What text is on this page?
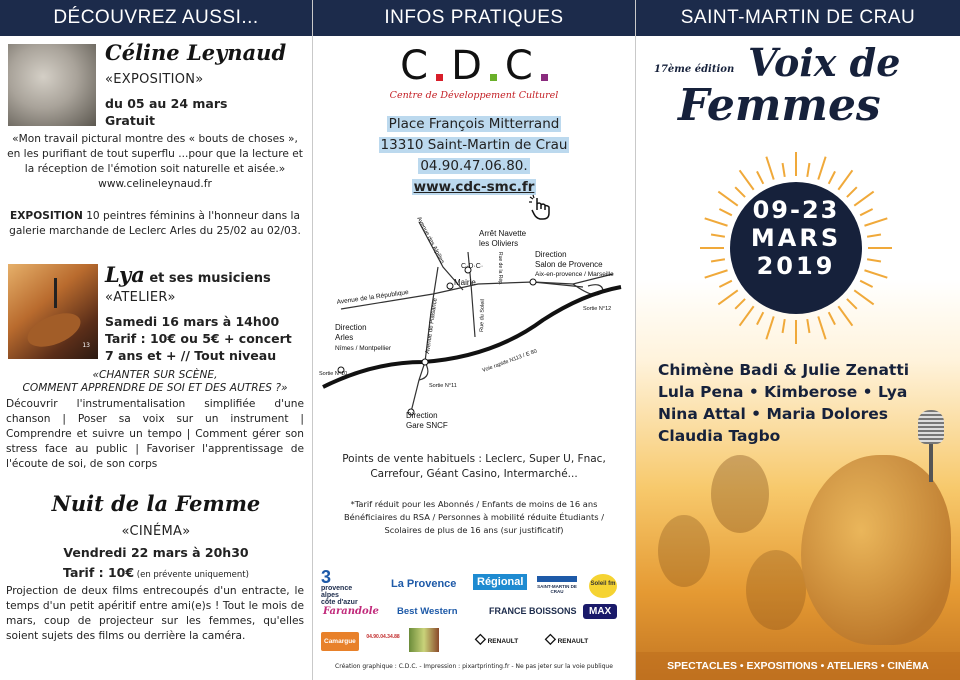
DÉCOUVREZ AUSSI...
Céline Leynaud
«EXPOSITION»
du 05 au 24 mars
Gratuit
«Mon travail pictural montre des « bouts de choses », en les purifiant de tout superflu ...pour que la lecture et la réception de l'émotion soit naturelle et aisée.»
www.celineleynaud.fr
EXPOSITION 10 peintres féminins à l'honneur dans la galerie marchande de Leclerc Arles du 25/02 au 02/03.
13
Lya et ses musiciens
«ATELIER»
Samedi 16 mars à 14h00
Tarif : 10€ ou 5€ + concert
7 ans et + // Tout niveau
«CHANTER SUR SCÈNE,
COMMENT APPRENDRE DE SOI ET DES AUTRES ?»
Découvrir l'instrumentalisation simplifiée d'une chanson | Poser sa voix sur un instrument | Comprendre et suivre un tempo | Comment gérer son stress face au public | Favoriser l'apprentissage de l'écoute de soi, de son corps
Nuit de la Femme
«CINÉMA»
Vendredi 22 mars à 20h30
Tarif : 10€ (en prévente uniquement)
Projection de deux films entrecoupés d'un entracte, le temps d'un petit apéritif entre ami(e)s ! Tout le mois de mars, coup de projecteur sur les femmes, qu'elles soient sujets des films ou derrière la caméra.
INFOS PRATIQUES
C D C
Centre de Développement Culturel
Place François Mitterrand
13310 Saint-Martin de Crau
04.90.47.06.80.
www.cdc-smc.fr
Arrêt Navette
les Oliviers
C·D·C·
Direction
Salon de Provence
Aix-en-provence / Marseille
Sortie N°12
Avenue des Alpilles
Rue de la Rép.
Avenue de la République
Mairie
Direction
Arles
Nîmes / Montpellier	Avenue de Plaisance	Rue du Soleil
Voie rapide N113 / E 80
Sortie N°10
Sortie N°11
Direction
Gare SNCF
Points de vente habituels : Leclerc, Super U, Fnac, Carrefour, Géant Casino, Intermarché...
*Tarif réduit pour les Abonnés / Enfants de moins de 16 ans Bénéficiaires du RSA / Personnes à mobilité réduite Étudiants / Scolaires de plus de 16 ans (sur justificatif)
3
provence
alpes
côte d'azur
La Provence	Régional	SAINT-MARTIN DE CRAU
Soleil fm
Farandole Best Western	FRANCE BOISSONS	MAX
Camargue
04.90.04.34.88	◇ RENAULT ◇ RENAULT
Création graphique : C.D.C. - Impression : pixartprinting.fr - Ne pas jeter sur la voie publique
SAINT-MARTIN DE CRAU
17ème édition Voix de
Femmes
09-23
MARS
2019
Chimène Badi & Julie Zenatti
Lula Pena • Kimberose • Lya
Nina Attal • Maria Dolores
Claudia Tagbo
SPECTACLES • EXPOSITIONS • ATELIERS • CINÉMA
